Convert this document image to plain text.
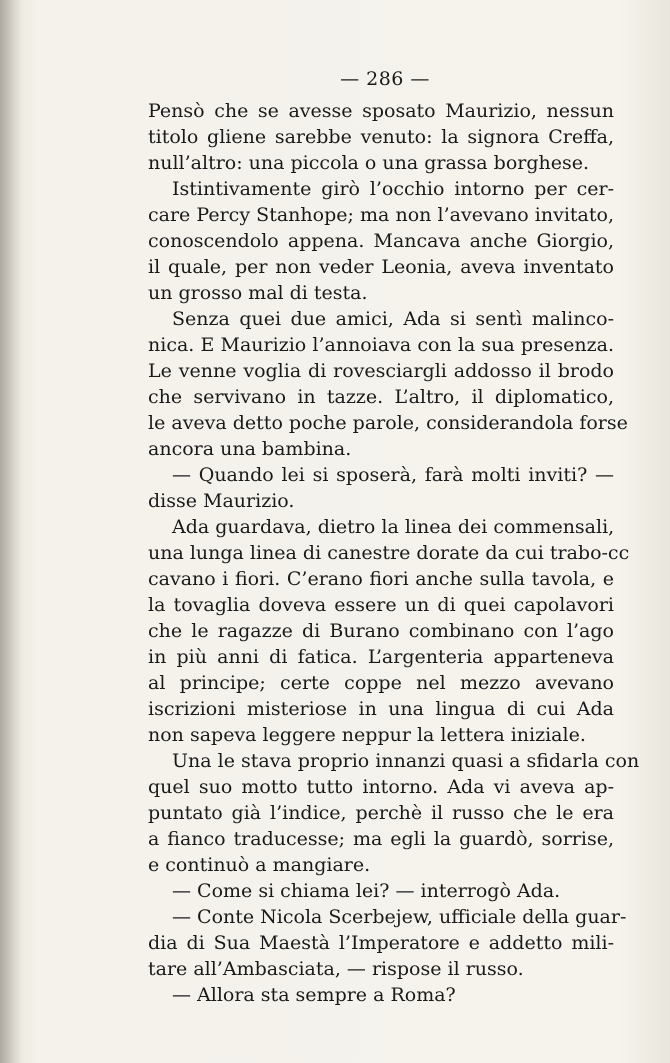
— 286 —
Pensò che se avesse sposato Maurizio, nessun
titolo gliene sarebbe venuto: la signora Creffa,
null’altro: una piccola o una grassa borghese.
Istintivamente girò l’occhio intorno per cer-
care Percy Stanhope; ma non l’avevano invitato,
conoscendolo appena. Mancava anche Giorgio,
il quale, per non veder Leonia, aveva inventato
un grosso mal di testa.
Senza quei due amici, Ada si sentì malinco-
nica. E Maurizio l’annoiava con la sua presenza.
Le venne voglia di rovesciargli addosso il brodo
che servivano in tazze. L’altro, il diplomatico,
le aveva detto poche parole, considerandola forse
ancora una bambina.
— Quando lei si sposerà, farà molti inviti? —
disse Maurizio.
Ada guardava, dietro la linea dei commensali,
una lunga linea di canestre dorate da cui trabo-cc
cavano i fiori. C’erano fiori anche sulla tavola, e
la tovaglia doveva essere un di quei capolavori
che le ragazze di Burano combinano con l’ago
in più anni di fatica. L’argenteria apparteneva
al principe; certe coppe nel mezzo avevano
iscrizioni misteriose in una lingua di cui Ada
non sapeva leggere neppur la lettera iniziale.
Una le stava proprio innanzi quasi a sfidarla con
quel suo motto tutto intorno. Ada vi aveva ap-
puntato già l’indice, perchè il russo che le era
a fianco traducesse; ma egli la guardò, sorrise,
e continuò a mangiare.
— Come si chiama lei? — interrogò Ada.
— Conte Nicola Scerbejew, ufficiale della guar-
dia di Sua Maestà l’Imperatore e addetto mili-
tare all’Ambasciata, — rispose il russo.
— Allora sta sempre a Roma?
